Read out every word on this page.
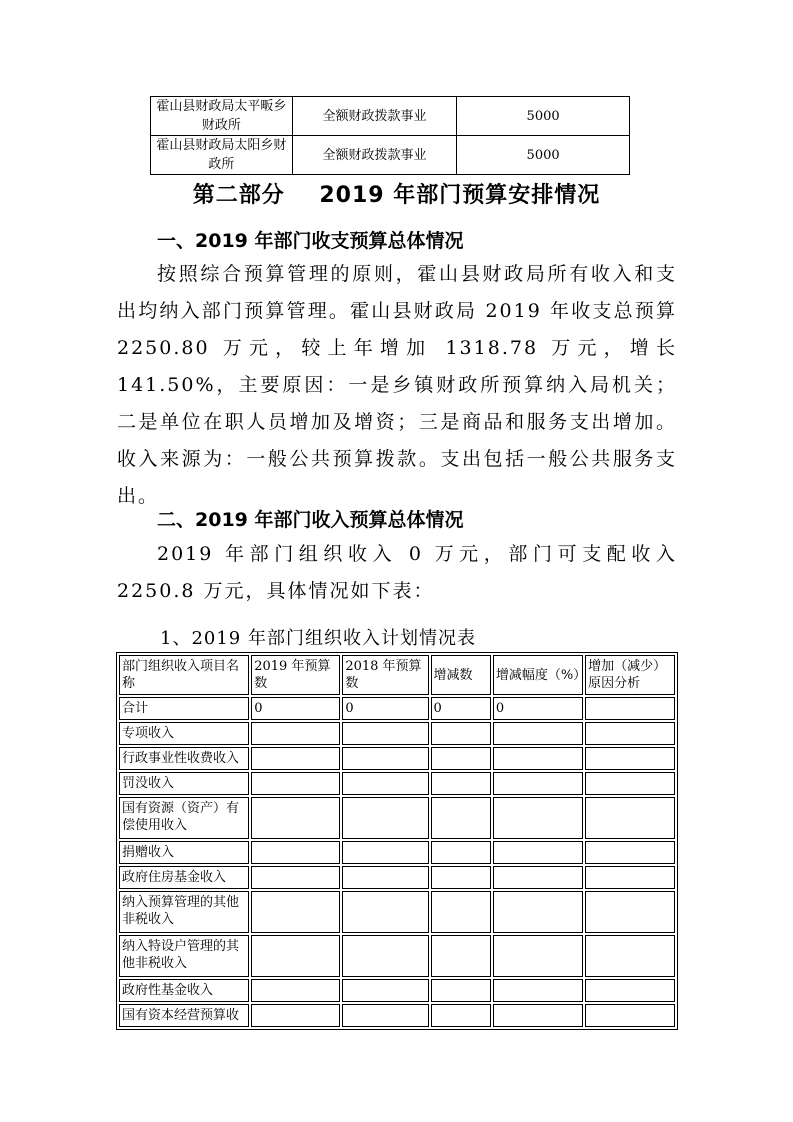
霍山县财政局太平畈乡财政所	全额财政拨款事业	5000
霍山县财政局太阳乡财政所	全额财政拨款事业	5000
第二部分    2019 年部门预算安排情况
一、2019 年部门收支预算总体情况

按照综合预算管理的原则，霍山县财政局所有收入和支出均纳入部门预算管理。霍山县财政局 2019 年收支总预算 2250.80 万元，较上年增加 1318.78 万元，增长 141.50%，主要原因：一是乡镇财政所预算纳入局机关；二是单位在职人员增加及增资；三是商品和服务支出增加。收入来源为：一般公共预算拨款。支出包括一般公共服务支出。

二、2019 年部门收入预算总体情况

2019 年部门组织收入 0 万元，部门可支配收入 2250.8 万元，具体情况如下表：

1、2019 年部门组织收入计划情况表
部门组织收入项目名称	2019 年预算数	2018 年预算数	增减数	增减幅度（%）	增加（减少）原因分析
合计	0	0	0	0	
专项收入					
行政事业性收费收入					
罚没收入					
国有资源（资产）有偿使用收入					
捐赠收入					
政府住房基金收入					
纳入预算管理的其他非税收入					
纳入特设户管理的其他非税收入					
政府性基金收入					
国有资本经营预算收					
